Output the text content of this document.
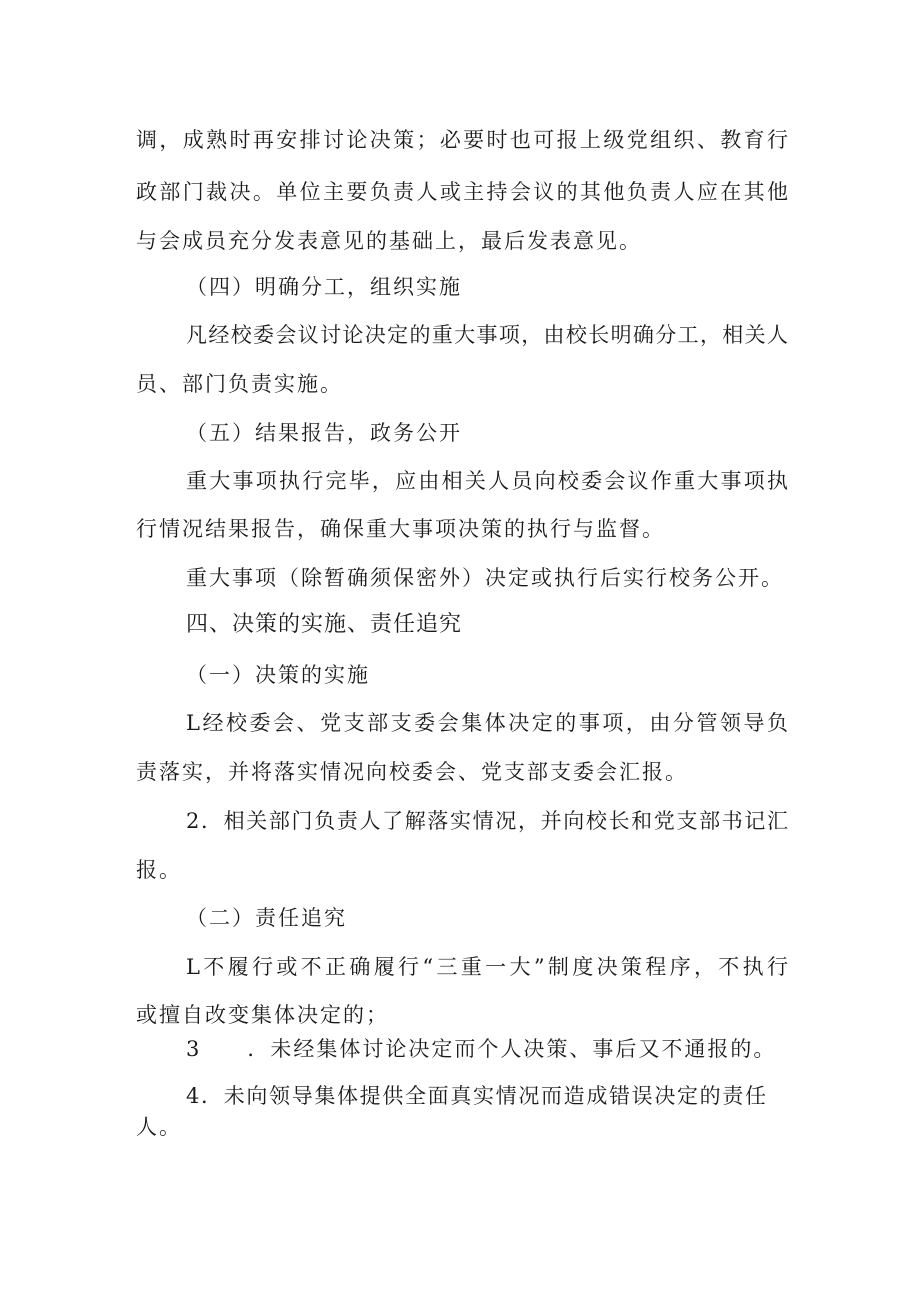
调，成熟时再安排讨论决策；必要时也可报上级党组织、教育行
政部门裁决。单位主要负责人或主持会议的其他负责人应在其他
与会成员充分发表意见的基础上，最后发表意见。
（四）明确分工，组织实施
凡经校委会议讨论决定的重大事项，由校长明确分工，相关人
员、部门负责实施。
（五）结果报告，政务公开
重大事项执行完毕，应由相关人员向校委会议作重大事项执
行情况结果报告，确保重大事项决策的执行与监督。
重大事项（除暂确须保密外）决定或执行后实行校务公开。
四、决策的实施、责任追究
（一）决策的实施
L经校委会、党支部支委会集体决定的事项，由分管领导负
责落实，并将落实情况向校委会、党支部支委会汇报。
2．相关部门负责人了解落实情况，并向校长和党支部书记汇
报。
（二）责任追究
L不履行或不正确履行“三重一大”制度决策程序，不执行
或擅自改变集体决定的；
3　　．未经集体讨论决定而个人决策、事后又不通报的。
4．未向领导集体提供全面真实情况而造成错误决定的责任
人。
